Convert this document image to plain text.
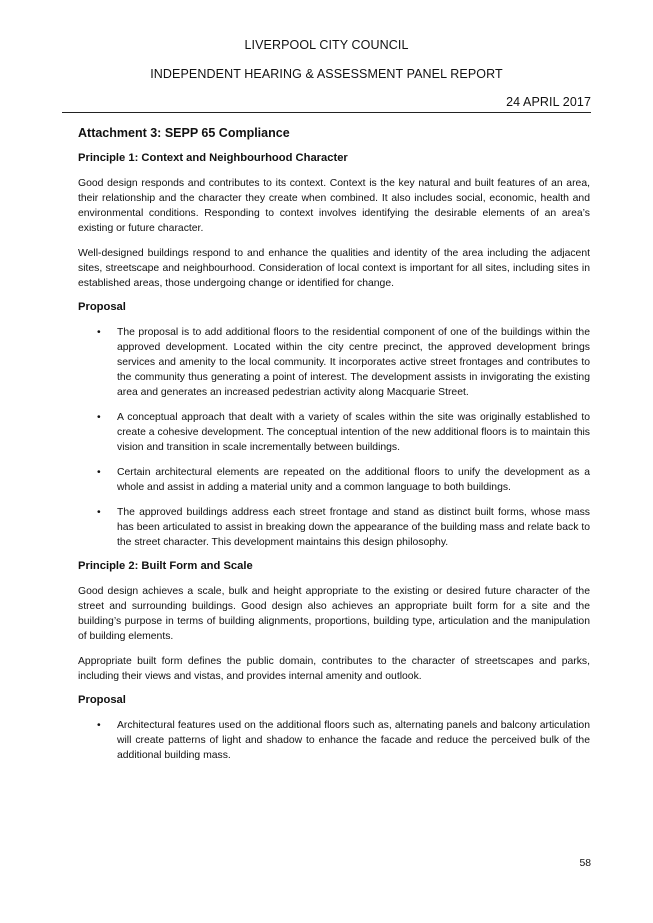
LIVERPOOL CITY COUNCIL
INDEPENDENT HEARING & ASSESSMENT PANEL REPORT
24 APRIL 2017
Attachment 3: SEPP 65 Compliance
Principle 1: Context and Neighbourhood Character

Good design responds and contributes to its context. Context is the key natural and built features of an area, their relationship and the character they create when combined. It also includes social, economic, health and environmental conditions. Responding to context involves identifying the desirable elements of an area’s existing or future character.

Well-designed buildings respond to and enhance the qualities and identity of the area including the adjacent sites, streetscape and neighbourhood. Consideration of local context is important for all sites, including sites in established areas, those undergoing change or identified for change.

Proposal
• The proposal is to add additional floors to the residential component of one of the buildings within the approved development. Located within the city centre precinct, the approved development brings services and amenity to the local community. It incorporates active street frontages and contributes to the community thus generating a point of interest. The development assists in invigorating the existing area and generates an increased pedestrian activity along Macquarie Street.
• A conceptual approach that dealt with a variety of scales within the site was originally established to create a cohesive development. The conceptual intention of the new additional floors is to maintain this vision and transition in scale incrementally between buildings.
• Certain architectural elements are repeated on the additional floors to unify the development as a whole and assist in adding a material unity and a common language to both buildings.
• The approved buildings address each street frontage and stand as distinct built forms, whose mass has been articulated to assist in breaking down the appearance of the building mass and relate back to the street character. This development maintains this design philosophy.
Principle 2: Built Form and Scale

Good design achieves a scale, bulk and height appropriate to the existing or desired future character of the street and surrounding buildings. Good design also achieves an appropriate built form for a site and the building’s purpose in terms of building alignments, proportions, building type, articulation and the manipulation of building elements.

Appropriate built form defines the public domain, contributes to the character of streetscapes and parks, including their views and vistas, and provides internal amenity and outlook.

Proposal
• Architectural features used on the additional floors such as, alternating panels and balcony articulation will create patterns of light and shadow to enhance the facade and reduce the perceived bulk of the additional building mass.
58
